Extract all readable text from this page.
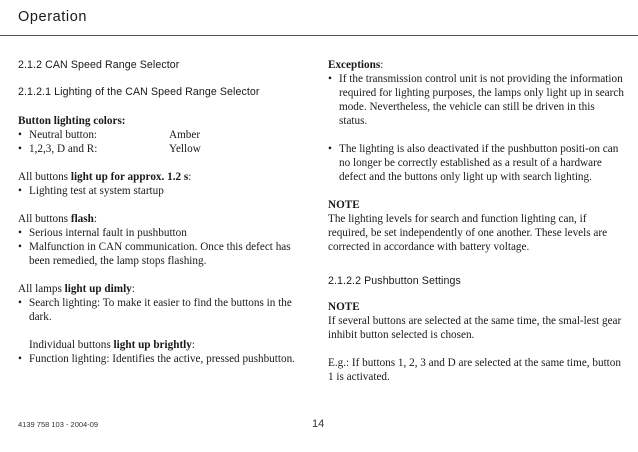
Operation
2.1.2 CAN Speed Range Selector
2.1.2.1 Lighting of the CAN Speed Range Selector

Button lighting colors:

• Neutral button:	Amber
• 1,2,3, D and R:	Yellow

All buttons light up for approx. 1.2 s:

• Lighting test at system startup

All buttons flash:

• Serious internal fault in pushbutton
• Malfunction in CAN communication. Once this defect has been remedied, the lamp stops flashing.

All lamps light up dimly:

• Search lighting: To make it easier to find the buttons in the dark.

Individual buttons light up brightly:

• Function lighting: Identifies the active, pressed pushbutton.

Exceptions:

• If the transmission control unit is not providing the information required for lighting purposes, the lamps only light up in search mode. Nevertheless, the vehicle can still be driven in this status.
• The lighting is also deactivated if the pushbutton positi-on can no longer be correctly established as a result of a hardware defect and the buttons only light up with search lighting.

NOTE

The lighting levels for search and function lighting can, if required, be set independently of one another. These levels are corrected in accordance with battery voltage.

2.1.2.2 Pushbutton Settings

NOTE

If several buttons are selected at the same time, the smal-lest gear inhibit button selected is chosen.

E.g.: If buttons 1, 2, 3 and D are selected at the same time, button 1 is activated.

4139 758 103 - 2004-09	14
